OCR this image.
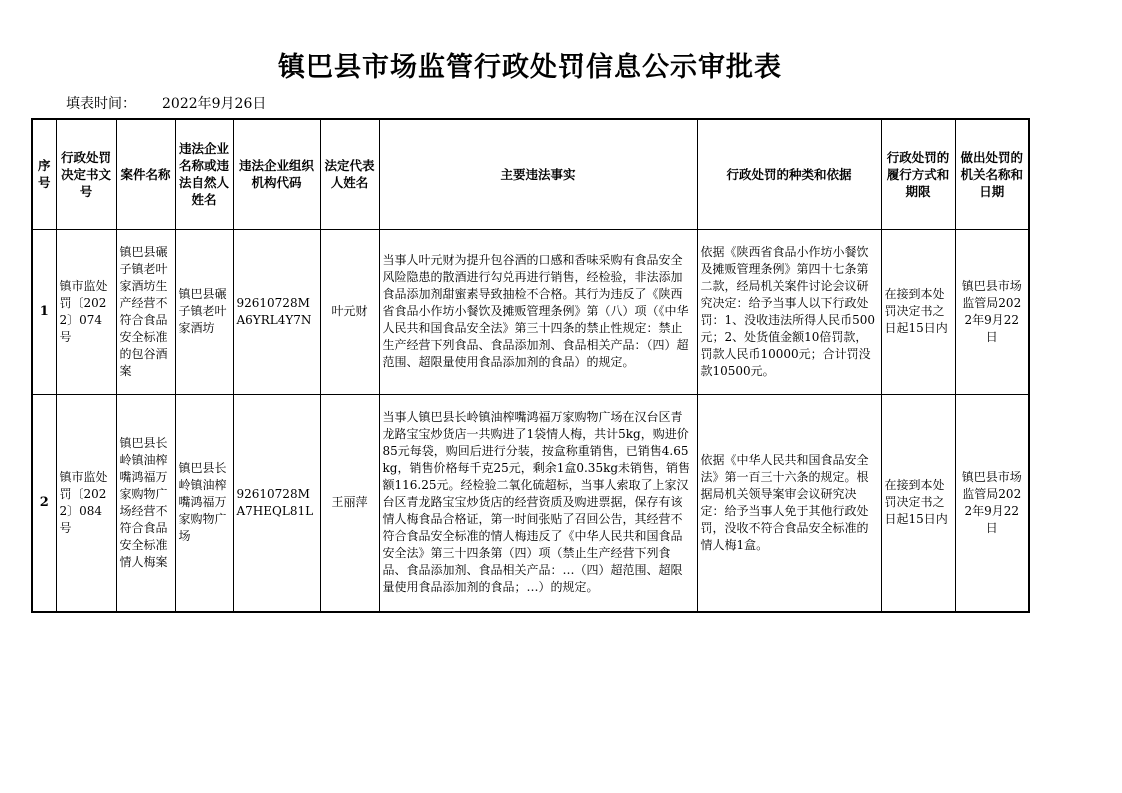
镇巴县市场监管行政处罚信息公示审批表
填表时间： 2022年9月26日
序号	行政处罚决定书文号	案件名称	违法企业名称或违法自然人姓名	违法企业组织机构代码	法定代表人姓名	主要违法事实	行政处罚的种类和依据	行政处罚的履行方式和期限	做出处罚的机关名称和日期
1	镇市监处罚〔2022〕074号	镇巴县碾子镇老叶家酒坊生产经营不符合食品安全标准的包谷酒案	镇巴县碾子镇老叶家酒坊	92610728MA6YRL4Y7N	叶元财	当事人叶元财为提升包谷酒的口感和香味采购有食品安全风险隐患的散酒进行勾兑再进行销售，经检验，非法添加食品添加剂甜蜜素导致抽检不合格。其行为违反了《陕西省食品小作坊小餐饮及摊贩管理条例》第（八）项（《中华人民共和国食品安全法》第三十四条的禁止性规定：禁止生产经营下列食品、食品添加剂、食品相关产品：（四）超范围、超限量使用食品添加剂的食品）的规定。	依据《陕西省食品小作坊小餐饮及摊贩管理条例》第四十七条第二款，经局机关案件讨论会议研究决定：给予当事人以下行政处罚：1、没收违法所得人民币500元；2、处货值金额10倍罚款，罚款人民币10000元；合计罚没款10500元。	在接到本处罚决定书之日起15日内	镇巴县市场监管局2022年9月22日
2	镇市监处罚〔2022〕084号	镇巴县长岭镇油榨嘴鸿福万家购物广场经营不符合食品安全标准情人梅案	镇巴县长岭镇油榨嘴鸿福万家购物广场	92610728MA7HEQL81L	王丽萍	当事人镇巴县长岭镇油榨嘴鸿福万家购物广场在汉台区青龙路宝宝炒货店一共购进了1袋情人梅，共计5kg，购进价85元每袋，购回后进行分装，按盒称重销售，已销售4.65kg，销售价格每千克25元，剩余1盒0.35kg未销售，销售额116.25元。经检验二氧化硫超标，当事人索取了上家汉台区青龙路宝宝炒货店的经营资质及购进票据，保存有该情人梅食品合格证，第一时间张贴了召回公告，其经营不符合食品安全标准的情人梅违反了《中华人民共和国食品安全法》第三十四条第（四）项（禁止生产经营下列食品、食品添加剂、食品相关产品：…（四）超范围、超限量使用食品添加剂的食品；…）的规定。	依据《中华人民共和国食品安全法》第一百三十六条的规定。根据局机关领导案审会议研究决定：给予当事人免于其他行政处罚，没收不符合食品安全标准的情人梅1盒。	在接到本处罚决定书之日起15日内	镇巴县市场监管局2022年9月22日
